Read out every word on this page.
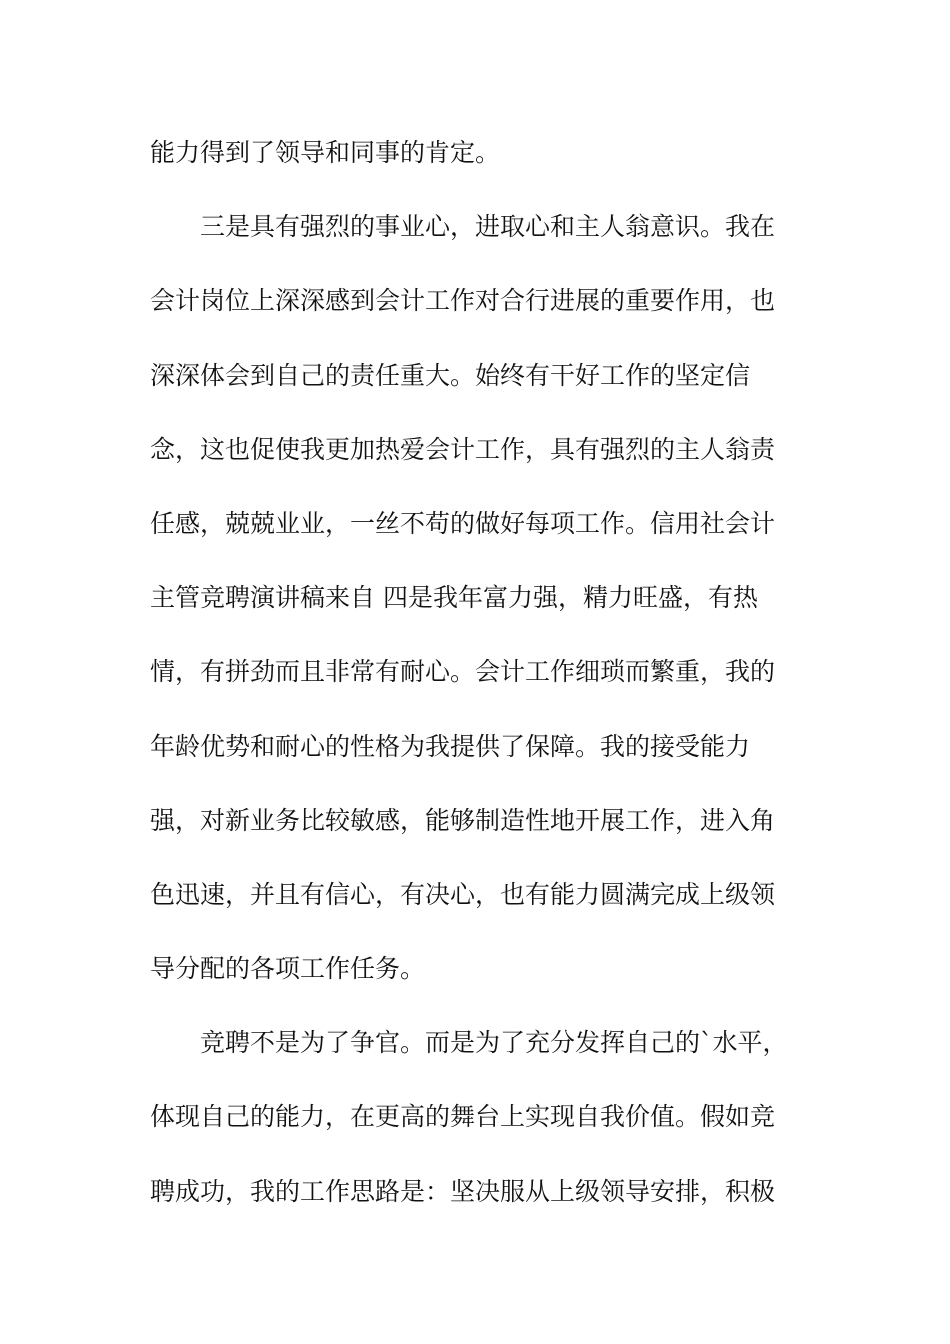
能力得到了领导和同事的肯定。
　　三是具有强烈的事业心，进取心和主人翁意识。我在
会计岗位上深深感到会计工作对合行进展的重要作用，也
深深体会到自己的责任重大。始终有干好工作的坚定信
念，这也促使我更加热爱会计工作，具有强烈的主人翁责
任感，兢兢业业，一丝不苟的做好每项工作。信用社会计
主管竞聘演讲稿来自 四是我年富力强，精力旺盛，有热
情，有拼劲而且非常有耐心。会计工作细琐而繁重，我的
年龄优势和耐心的性格为我提供了保障。我的接受能力
强，对新业务比较敏感，能够制造性地开展工作，进入角
色迅速，并且有信心，有决心，也有能力圆满完成上级领
导分配的各项工作任务。
　　竞聘不是为了争官。而是为了充分发挥自己的`水平，
体现自己的能力，在更高的舞台上实现自我价值。假如竞
聘成功，我的工作思路是：坚决服从上级领导安排，积极
